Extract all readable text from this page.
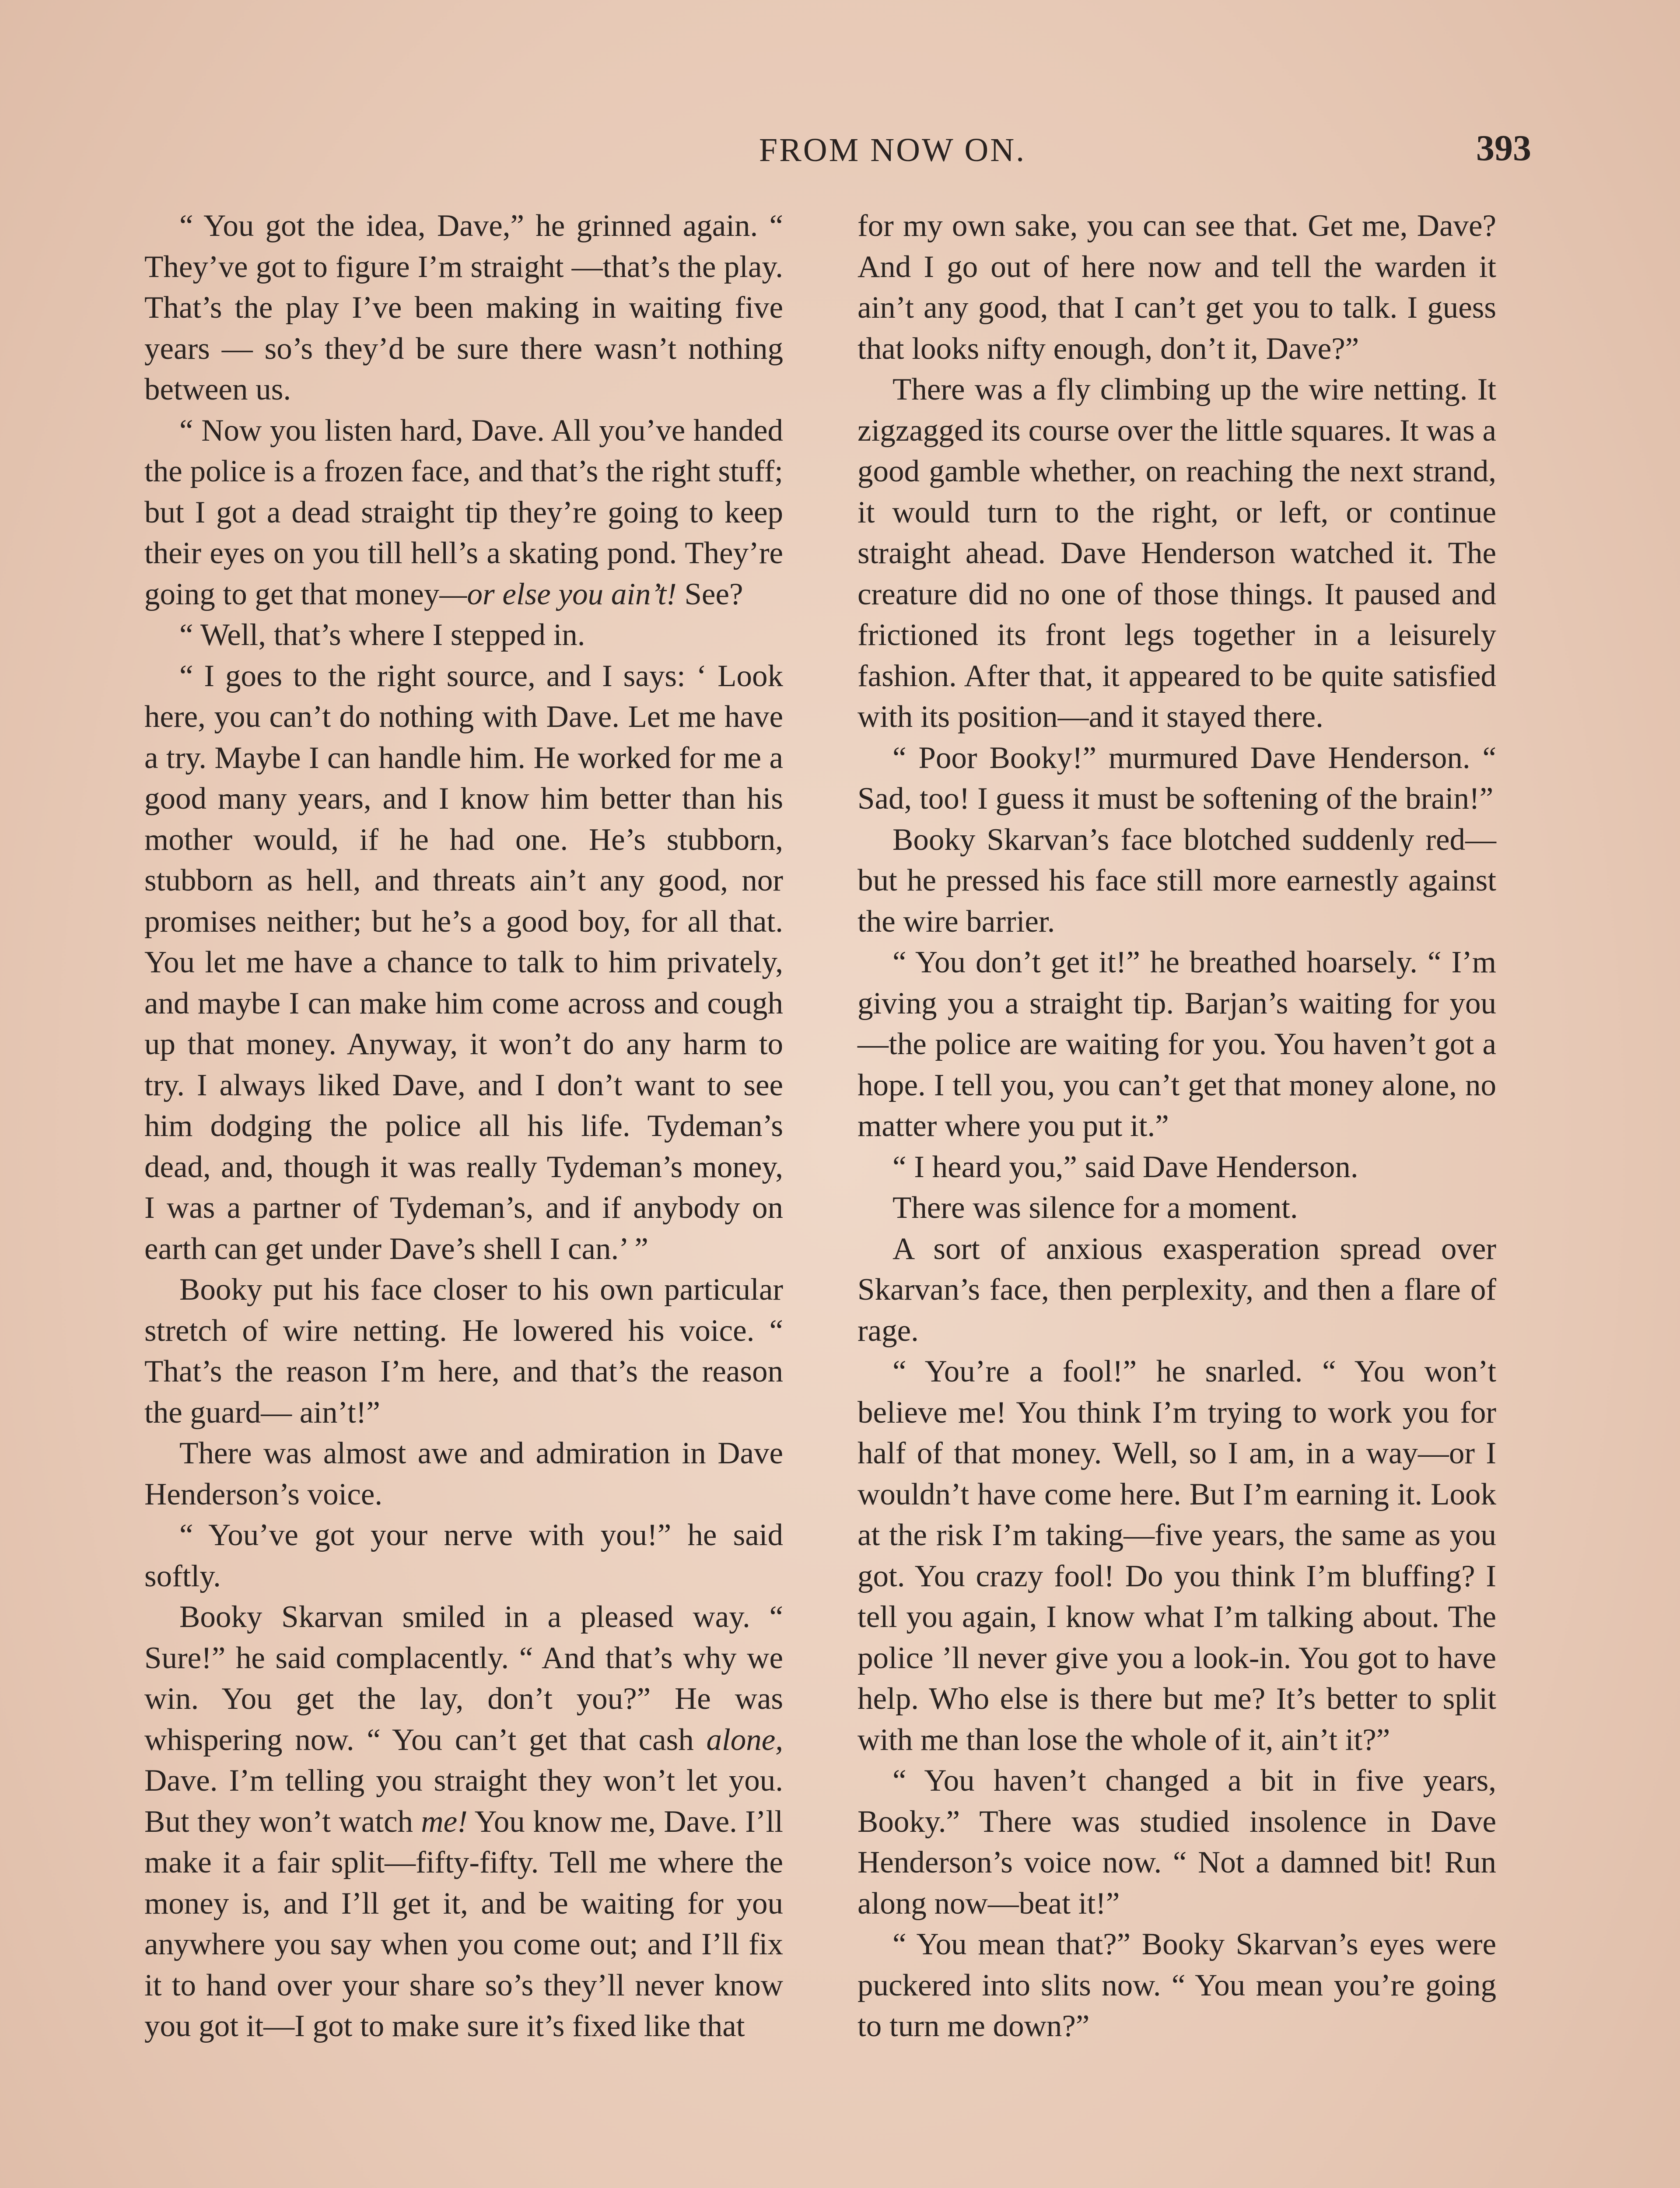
FROM NOW ON.	393

“ You got the idea, Dave,” he grinned again. “ They’ve got to figure I’m straight —that’s the play. That’s the play I’ve been making in waiting five years — so’s they’d be sure there wasn’t nothing between us.

“ Now you listen hard, Dave. All you’ve handed the police is a frozen face, and that’s the right stuff; but I got a dead straight tip they’re going to keep their eyes on you till hell’s a skating pond. They’re going to get that money—or else you ain’t! See?

“ Well, that’s where I stepped in.

“ I goes to the right source, and I says: ‘ Look here, you can’t do nothing with Dave. Let me have a try. Maybe I can handle him. He worked for me a good many years, and I know him better than his mother would, if he had one. He’s stubborn, stubborn as hell, and threats ain’t any good, nor promises neither; but he’s a good boy, for all that. You let me have a chance to talk to him privately, and maybe I can make him come across and cough up that money. Anyway, it won’t do any harm to try. I always liked Dave, and I don’t want to see him dodging the police all his life. Tydeman’s dead, and, though it was really Tydeman’s money, I was a partner of Tydeman’s, and if anybody on earth can get under Dave’s shell I can.’ ”

Booky put his face closer to his own particular stretch of wire netting. He lowered his voice. “ That’s the reason I’m here, and that’s the reason the guard— ain’t!”

There was almost awe and admiration in Dave Henderson’s voice.

“ You’ve got your nerve with you!” he said softly.

Booky Skarvan smiled in a pleased way. “ Sure!” he said complacently. “ And that’s why we win. You get the lay, don’t you?” He was whispering now. “ You can’t get that cash alone, Dave. I’m telling you straight they won’t let you. But they won’t watch me! You know me, Dave. I’ll make it a fair split—fifty-fifty. Tell me where the money is, and I’ll get it, and be waiting for you anywhere you say when you come out; and I’ll fix it to hand over your share so’s they’ll never know you got it—I got to make sure it’s fixed like that

for my own sake, you can see that. Get me, Dave? And I go out of here now and tell the warden it ain’t any good, that I can’t get you to talk. I guess that looks nifty enough, don’t it, Dave?”

There was a fly climbing up the wire netting. It zigzagged its course over the little squares. It was a good gamble whether, on reaching the next strand, it would turn to the right, or left, or continue straight ahead. Dave Henderson watched it. The creature did no one of those things. It paused and frictioned its front legs together in a leisurely fashion. After that, it appeared to be quite satisfied with its position—and it stayed there.

“ Poor Booky!” murmured Dave Henderson. “ Sad, too! I guess it must be softening of the brain!”

Booky Skarvan’s face blotched suddenly red—but he pressed his face still more earnestly against the wire barrier.

“ You don’t get it!” he breathed hoarsely. “ I’m giving you a straight tip. Barjan’s waiting for you—the police are waiting for you. You haven’t got a hope. I tell you, you can’t get that money alone, no matter where you put it.”

“ I heard you,” said Dave Henderson.

There was silence for a moment.

A sort of anxious exasperation spread over Skarvan’s face, then perplexity, and then a flare of rage.

“ You’re a fool!” he snarled. “ You won’t believe me! You think I’m trying to work you for half of that money. Well, so I am, in a way—or I wouldn’t have come here. But I’m earning it. Look at the risk I’m taking—five years, the same as you got. You crazy fool! Do you think I’m bluffing? I tell you again, I know what I’m talking about. The police ’ll never give you a look-in. You got to have help. Who else is there but me? It’s better to split with me than lose the whole of it, ain’t it?”

“ You haven’t changed a bit in five years, Booky.” There was studied insolence in Dave Henderson’s voice now. “ Not a damned bit! Run along now—beat it!”

“ You mean that?” Booky Skarvan’s eyes were puckered into slits now. “ You mean you’re going to turn me down?”
